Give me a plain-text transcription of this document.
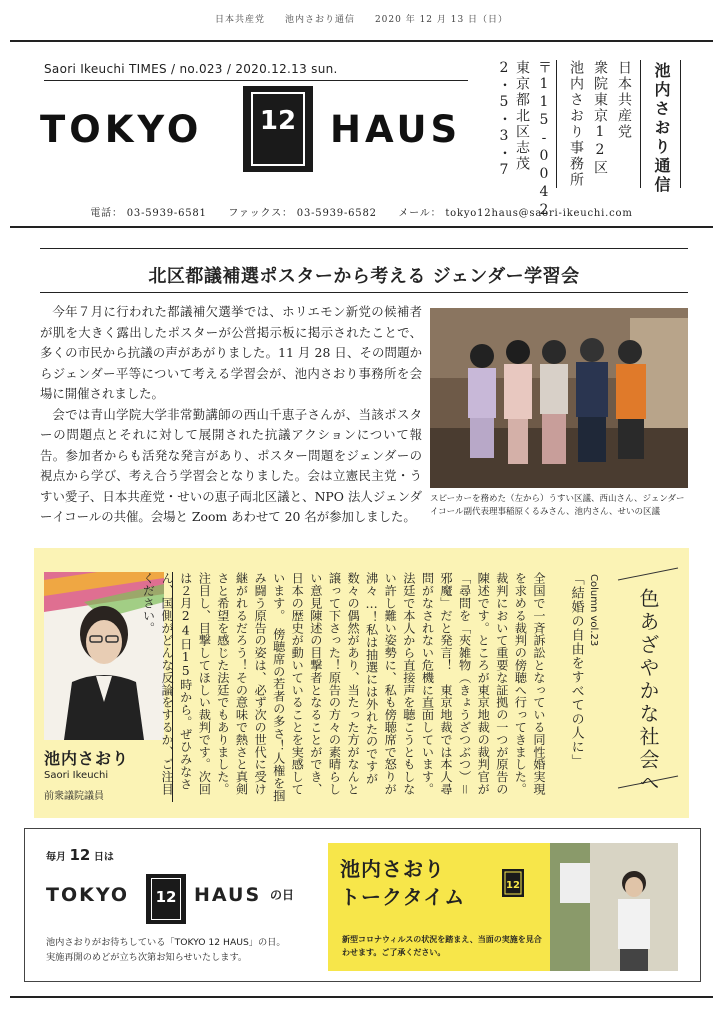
日本共産党　　池内さおり通信　　2020 年 12 月 13 日（日）
Saori Ikeuchi TIMES / no.023 / 2020.12.13 sun.
TOKYO	12 HAUS 2・5・3・7 東京都北区志茂 〒115-0042 池内さおり事務所 衆院東京12区 日本共産党 池内さおり通信
電話： 03-5939-6581　　ファックス： 03-5939-6582　　メール： tokyo12haus@saori-ikeuchi.com
北区都議補選ポスターから考える ジェンダー学習会

今年７月に行われた都議補欠選挙では、ホリエモン新党の候補者が肌を大きく露出したポスターが公営掲示板に掲示されたことで、多くの市民から抗議の声があがりました。11 月 28 日、その問題からジェンダー平等について考える学習会が、池内さおり事務所を会場に開催されました。

会では青山学院大学非常勤講師の西山千恵子さんが、当該ポスターの問題点とそれに対して展開された抗議アクションについて報告。参加者からも活発な発言があり、ポスター問題をジェンダーの視点から学び、考え合う学習会となりました。会は立憲民主党・うすい愛子、日本共産党・せいの恵子両北区議と、NPO 法人ジェンダーイコールの共催。会場と Zoom あわせて 20 名が参加しました。

スピーカーを務めた（左から）うすい区議、西山さん、ジェンダーイコール副代表理事稲原くるみさん、池内さん、せいの区議
池内さおり
Saori Ikeuchi
前衆議院議員
全国で一斉訴訟となっている同性婚実現を求める裁判の傍聴へ行ってきました。裁判において重要な証拠の一つが原告の陳述です。ところが東京地裁の裁判官が「尋問を「夾雑物（きょうざつぶつ）＝邪魔」だと発言！　東京地裁では本人尋問がなされない危機に直面しています。法廷で本人から直接声を聴こうともしない許し難い姿勢に、私も傍聴席で怒りが沸々…！私は抽選には外れたのですが数々の偶然があり、当たった方がなんと譲って下さった！原告の方々の素晴らしい意見陳述の目撃者となることができ、日本の歴史が動いていることを実感しています。　傍聴席の若者の多さ！人権を掴み闘う原告の姿は、必ず次の世代に受け継がれるだろう！その意味で熱さと真剣さと希望を感じた法廷でもありました。注目し、目撃してほしい裁判です。次回は２月24日15時から。ぜひみなさん、国側がどんな反論をするか、ご注目ください。	Column vol.23
「結婚の自由をすべての人に」	色あざやかな社会へ
毎月 12 日は
TOKYO	12 HAUS の日
池内さおりがお待ちしている「TOKYO 12 HAUS」の日。
実施再開のめどが立ち次第お知らせいたします。
池内さおり
トークタイム	12
新型コロナウィルスの状況を踏まえ、当面の実施を見合わせます。ご了承ください。
